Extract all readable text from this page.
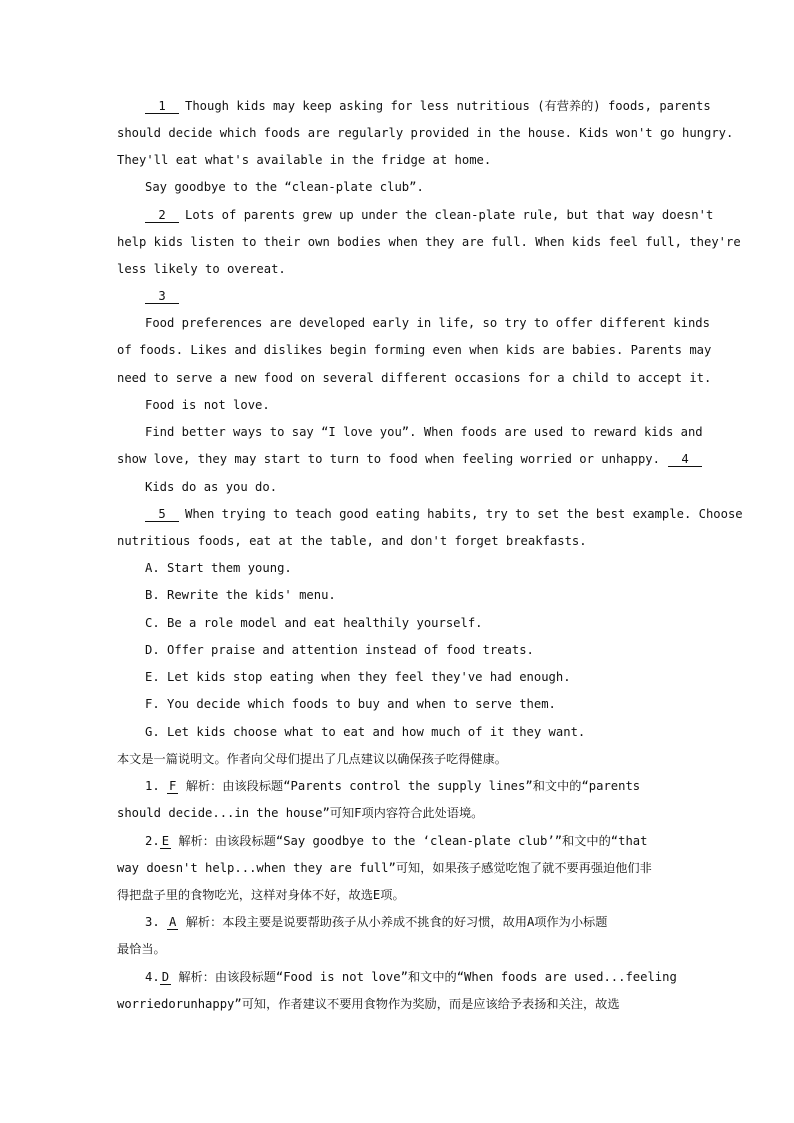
1 Though kids may keep asking for less nutritious (有营养的) foods, parents
should decide which foods are regularly provided in the house. Kids won't go hungry.
They'll eat what's available in the fridge at home.
Say goodbye to the “clean-plate club”.
2 Lots of parents grew up under the clean-plate rule, but that way doesn't
help kids listen to their own bodies when they are full. When kids feel full, they're
less likely to overeat.
3
Food preferences are developed early in life, so try to offer different kinds
of foods. Likes and dislikes begin forming even when kids are babies. Parents may
need to serve a new food on several different occasions for a child to accept it.
Food is not love.
Find better ways to say “I love you”. When foods are used to reward kids and
show love, they may start to turn to food when feeling worried or unhappy. 4
Kids do as you do.
5 When trying to teach good eating habits, try to set the best example. Choose
nutritious foods, eat at the table, and don't forget breakfasts.
A. Start them young.
B. Rewrite the kids' menu.
C. Be a role model and eat healthily yourself.
D. Offer praise and attention instead of food treats.
E. Let kids stop eating when they feel they've had enough.
F. You decide which foods to buy and when to serve them.
G. Let kids choose what to eat and how much of it they want.
本文是一篇说明文。作者向父母们提出了几点建议以确保孩子吃得健康。
1. F 解析：由该段标题“Parents control the supply lines”和文中的“parents
should decide...in the house”可知F项内容符合此处语境。
2. E 解析：由该段标题“Say goodbye to the ‘clean-plate club’”和文中的“that
way doesn't help...when they are full”可知，如果孩子感觉吃饱了就不要再强迫他们非
得把盘子里的食物吃光，这样对身体不好，故选E项。
3. A 解析：本段主要是说要帮助孩子从小养成不挑食的好习惯，故用A项作为小标题
最恰当。
4. D 解析：由该段标题“Food is not love”和文中的“When foods are used...feeling
worriedorunhappy”可知，作者建议不要用食物作为奖励，而是应该给予表扬和关注，故选
